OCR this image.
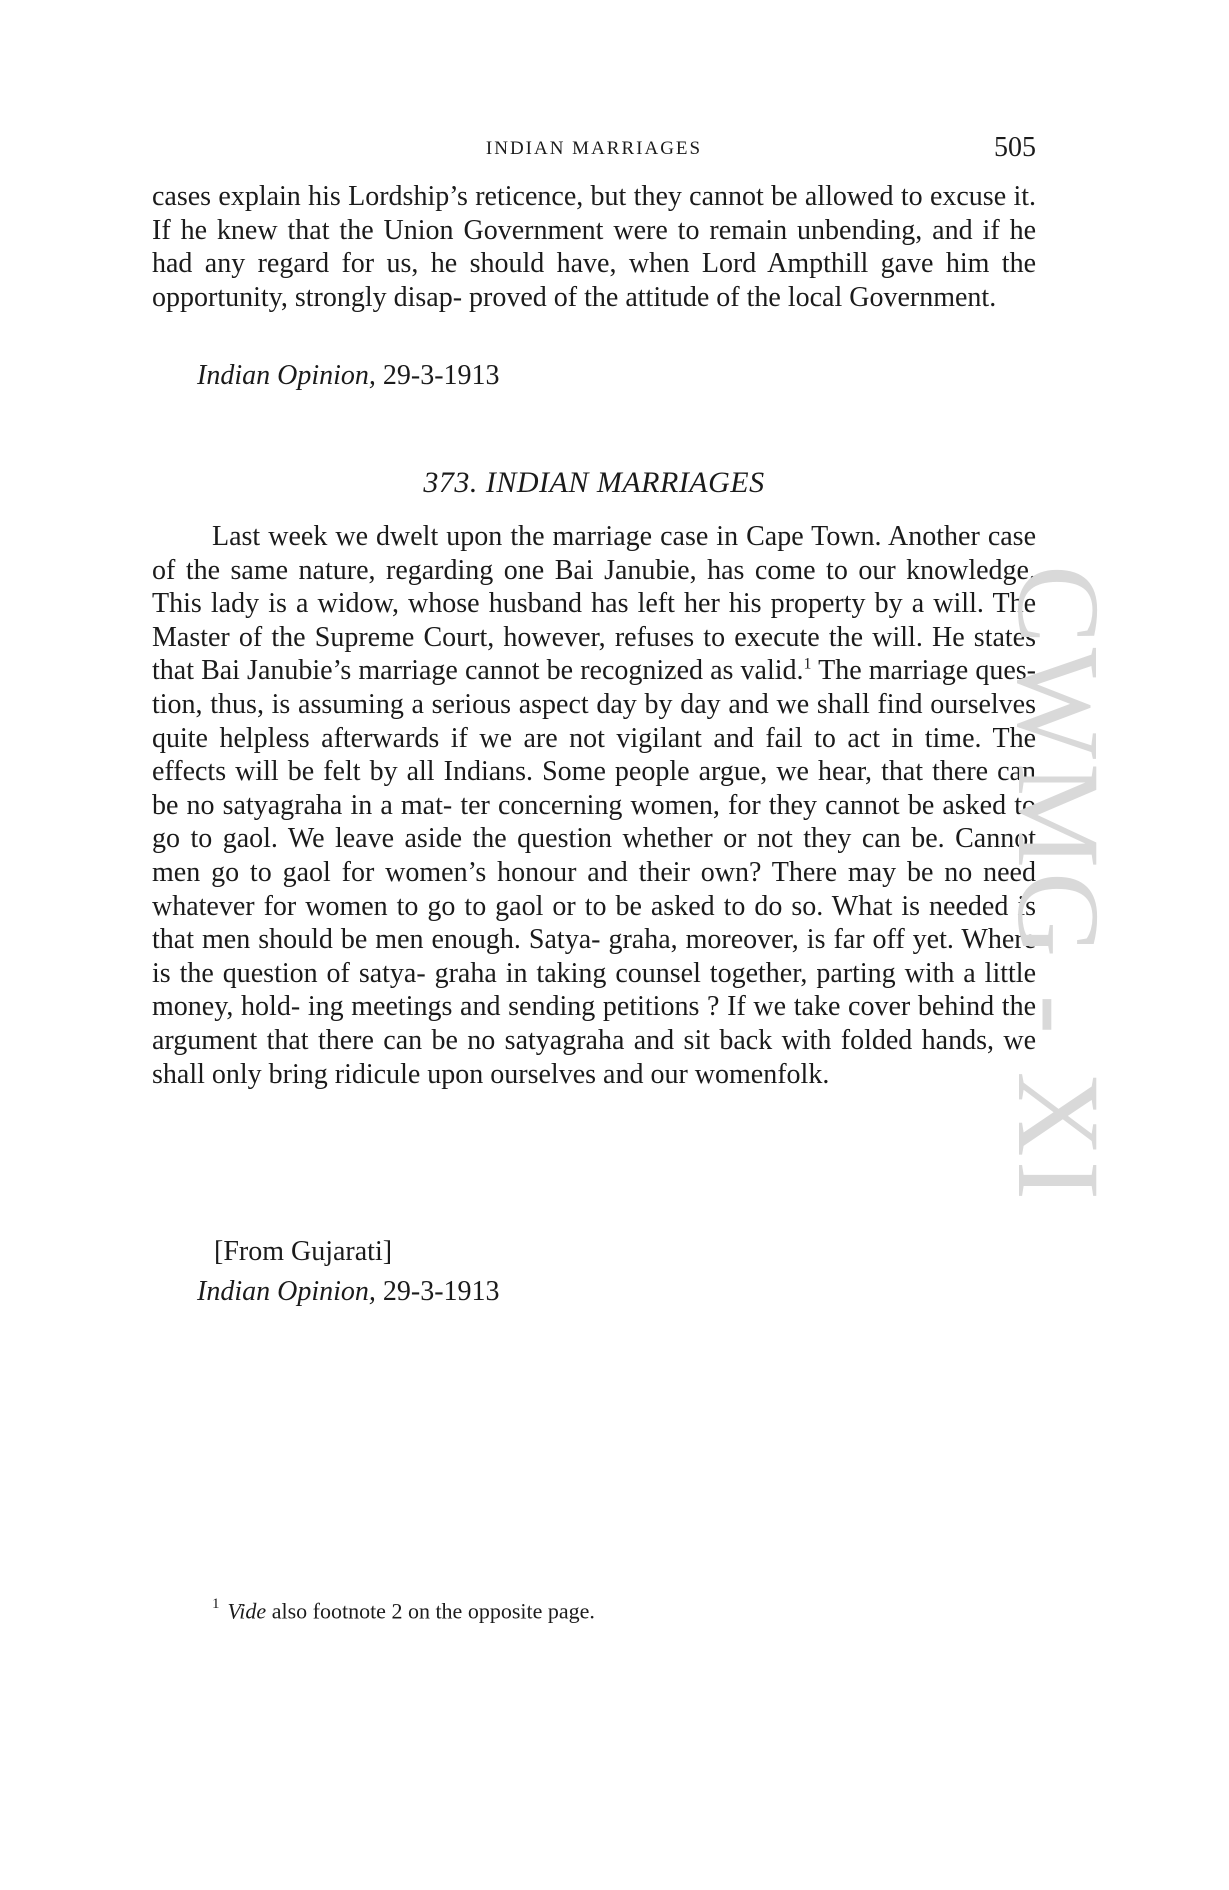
INDIAN MARRIAGES	505
cases explain his Lordship’s reticence, but they cannot be allowed to excuse it. If he knew that the Union Government were to remain unbending, and if he had any regard for us, he should have, when Lord Ampthill gave him the opportunity, strongly disap- proved of the attitude of the local Government.
Indian Opinion, 29-3-1913
373. INDIAN MARRIAGES
Last week we dwelt upon the marriage case in Cape Town. Another case of the same nature, regarding one Bai Janubie, has come to our knowledge. This lady is a widow, whose husband has left her his property by a will. The Master of the Supreme Court, however, refuses to execute the will. He states that Bai Janubie’s marriage cannot be recognized as valid.$^1$ The marriage ques- tion, thus, is assuming a serious aspect day by day and we shall find ourselves quite helpless afterwards if we are not vigilant and fail to act in time. The effects will be felt by all Indians. Some people argue, we hear, that there can be no satyagraha in a mat- ter concerning women, for they cannot be asked to go to gaol. We leave aside the question whether or not they can be. Cannot men go to gaol for women’s honour and their own? There may be no need whatever for women to go to gaol or to be asked to do so. What is needed is that men should be men enough. Satya- graha, moreover, is far off yet. Where is the question of satya- graha in taking counsel together, parting with a little money, hold- ing meetings and sending petitions ? If we take cover behind the argument that there can be no satyagraha and sit back with folded hands, we shall only bring ridicule upon ourselves and our womenfolk.
[From Gujarati]
Indian Opinion, 29-3-1913
CWMG - XI
$^1$ Vide also footnote 2 on the opposite page.
